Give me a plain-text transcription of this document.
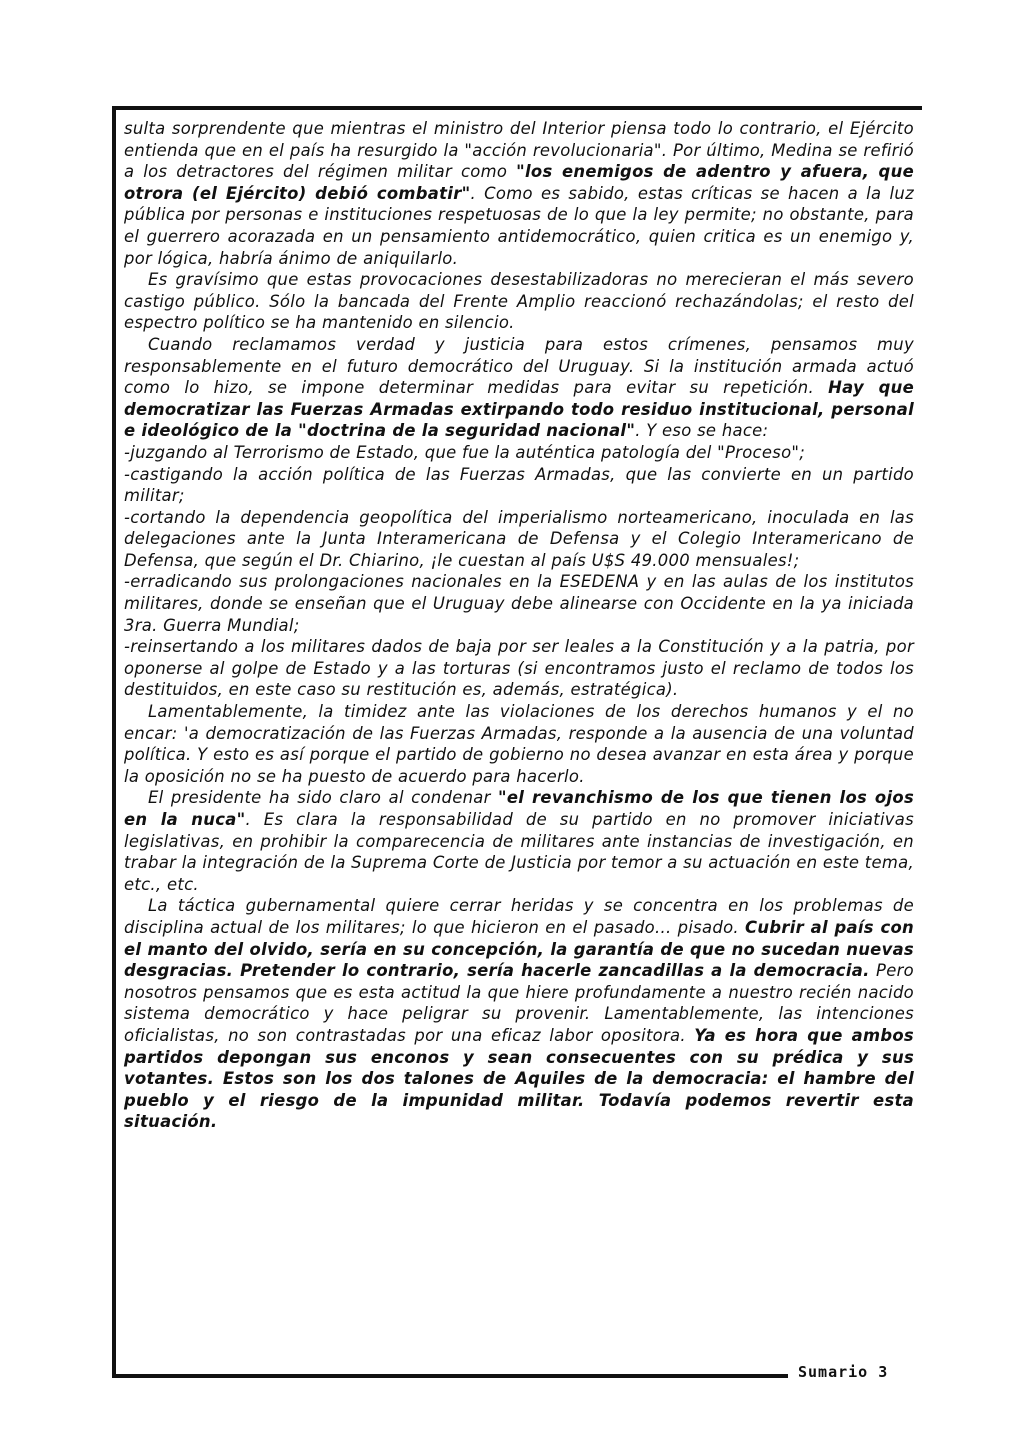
sulta sorprendente que mientras el ministro del Interior piensa todo lo contrario, el Ejército entienda que en el país ha resurgido la "acción revolucionaria". Por último, Medina se refirió a los detractores del régimen militar como "los enemigos de adentro y afuera, que otrora (el Ejército) debió combatir". Como es sabido, estas críticas se hacen a la luz pública por personas e instituciones respetuosas de lo que la ley permite; no obstante, para el guerrero acorazada en un pensamiento antidemocrático, quien critica es un enemigo y, por lógica, habría ánimo de aniquilarlo.

Es gravísimo que estas provocaciones desestabilizadoras no merecieran el más severo castigo público. Sólo la bancada del Frente Amplio reaccionó rechazándolas; el resto del espectro político se ha mantenido en silencio.

Cuando reclamamos verdad y justicia para estos crímenes, pensamos muy responsablemente en el futuro democrático del Uruguay. Si la institución armada actuó como lo hizo, se impone determinar medidas para evitar su repetición. Hay que democratizar las Fuerzas Armadas extirpando todo residuo institucional, personal e ideológico de la "doctrina de la seguridad nacional". Y eso se hace:

-juzgando al Terrorismo de Estado, que fue la auténtica patología del "Proceso";

-castigando la acción política de las Fuerzas Armadas, que las convierte en un partido militar;

-cortando la dependencia geopolítica del imperialismo norteamericano, inoculada en las delegaciones ante la Junta Interamericana de Defensa y el Colegio Interamericano de Defensa, que según el Dr. Chiarino, ¡le cuestan al país U$S 49.000 mensuales!;

-erradicando sus prolongaciones nacionales en la ESEDENA y en las aulas de los institutos militares, donde se enseñan que el Uruguay debe alinearse con Occidente en la ya iniciada 3ra. Guerra Mundial;

-reinsertando a los militares dados de baja por ser leales a la Constitución y a la patria, por oponerse al golpe de Estado y a las torturas (si encontramos justo el reclamo de todos los destituidos, en este caso su restitución es, además, estratégica).

Lamentablemente, la timidez ante las violaciones de los derechos humanos y el no encar: 'a democratización de las Fuerzas Armadas, responde a la ausencia de una voluntad política. Y esto es así porque el partido de gobierno no desea avanzar en esta área y porque la oposición no se ha puesto de acuerdo para hacerlo.

El presidente ha sido claro al condenar "el revanchismo de los que tienen los ojos en la nuca". Es clara la responsabilidad de su partido en no promover iniciativas legislativas, en prohibir la comparecencia de militares ante instancias de investigación, en trabar la integración de la Suprema Corte de Justicia por temor a su actuación en este tema, etc., etc.

La táctica gubernamental quiere cerrar heridas y se concentra en los problemas de disciplina actual de los militares; lo que hicieron en el pasado... pisado. Cubrir al país con el manto del olvido, sería en su concepción, la garantía de que no sucedan nuevas desgracias. Pretender lo contrario, sería hacerle zancadillas a la democracia. Pero nosotros pensamos que es esta actitud la que hiere profundamente a nuestro recién nacido sistema democrático y hace peligrar su provenir. Lamentablemente, las intenciones oficialistas, no son contrastadas por una eficaz labor opositora. Ya es hora que ambos partidos depongan sus enconos y sean consecuentes con su prédica y sus votantes. Estos son los dos talones de Aquiles de la democracia: el hambre del pueblo y el riesgo de la impunidad militar. Todavía podemos revertir esta situación.

Sumario 3
